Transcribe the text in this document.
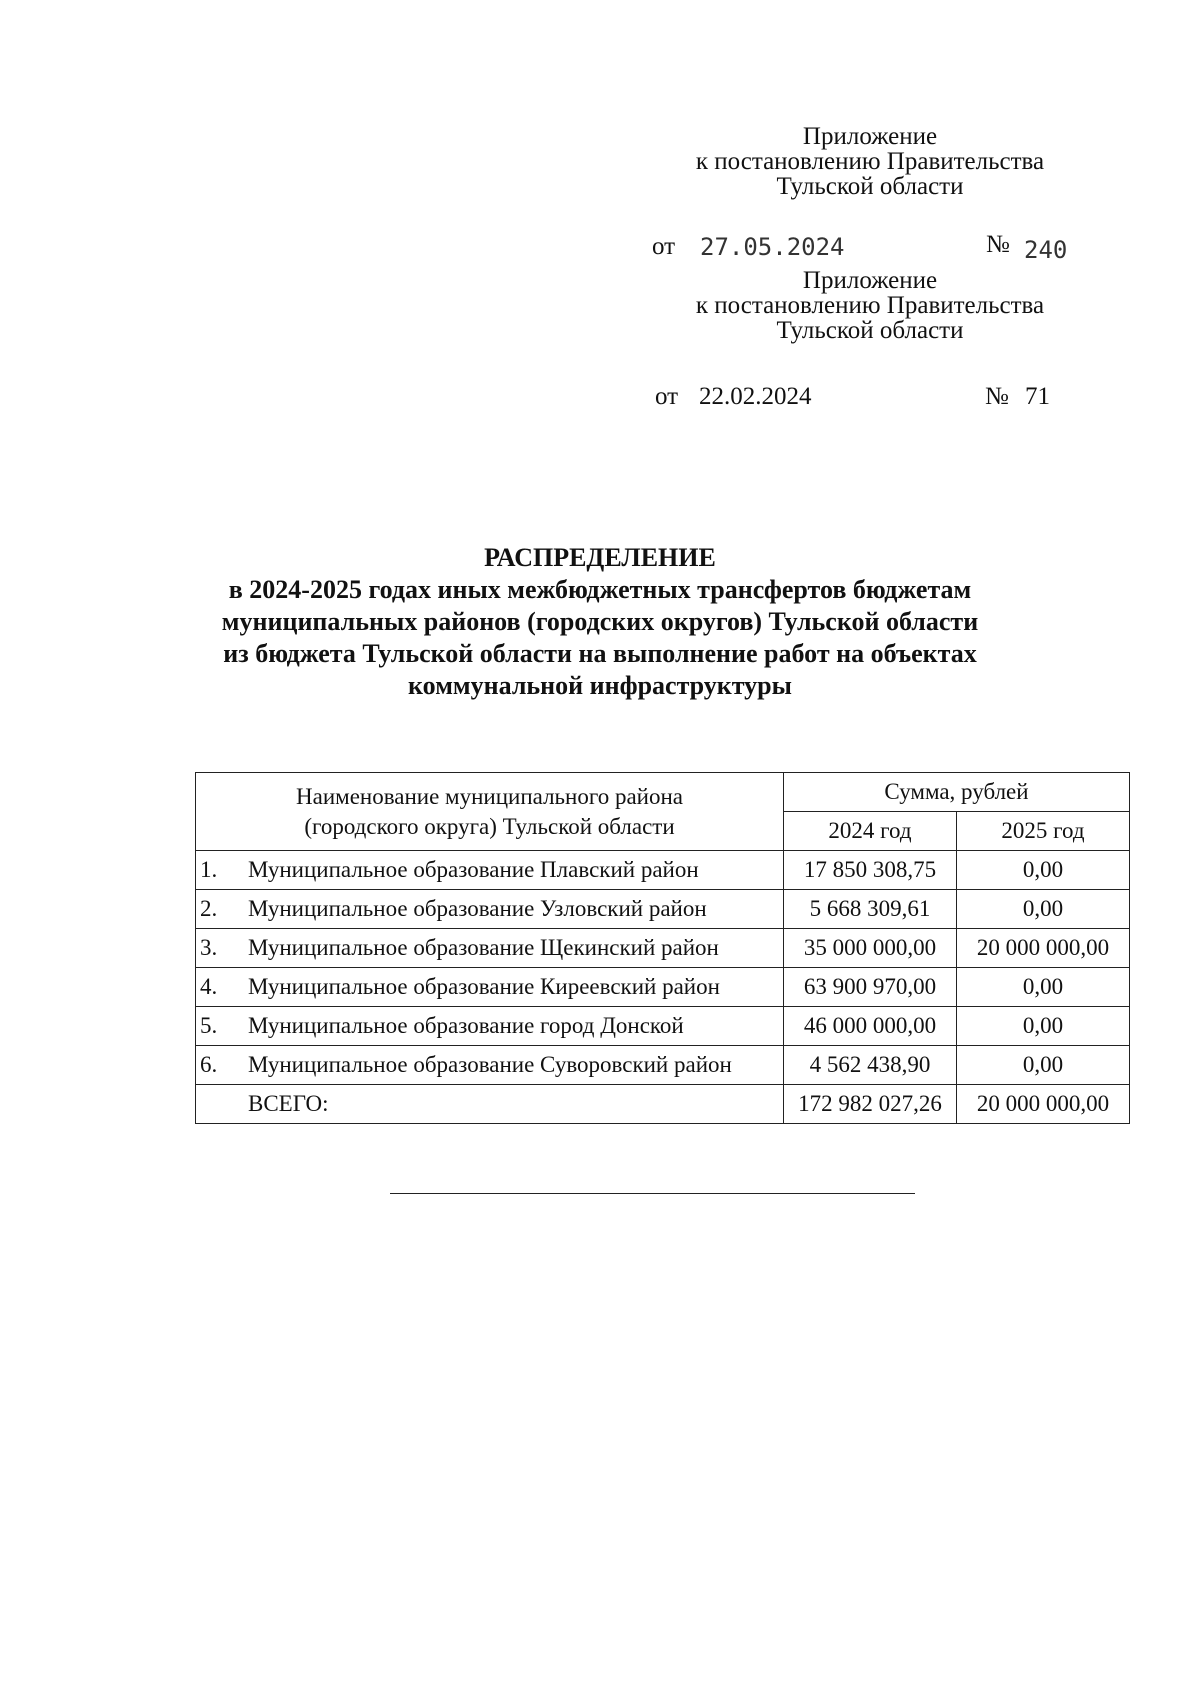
Приложение
к постановлению Правительства
Тульской области
от 27.05.2024	№ 240
Приложение
к постановлению Правительства
Тульской области
от 22.02.2024	№ 71
РАСПРЕДЕЛЕНИЕ
в 2024-2025 годах иных межбюджетных трансфертов бюджетам
муниципальных районов (городских округов) Тульской области
из бюджета Тульской области на выполнение работ на объектах
коммунальной инфраструктуры
Наименование муниципального района
(городского округа) Тульской области		Сумма, рублей	
		2024 год	2025 год
1.	Муниципальное образование Плавский район	17 850 308,75	0,00
2.	Муниципальное образование Узловский район	5 668 309,61	0,00
3.	Муниципальное образование Щекинский район	35 000 000,00	20 000 000,00
4.	Муниципальное образование Киреевский район	63 900 970,00	0,00
5.	Муниципальное образование город Донской	46 000 000,00	0,00
6.	Муниципальное образование Суворовский район	4 562 438,90	0,00
	ВСЕГО:	172 982 027,26	20 000 000,00
